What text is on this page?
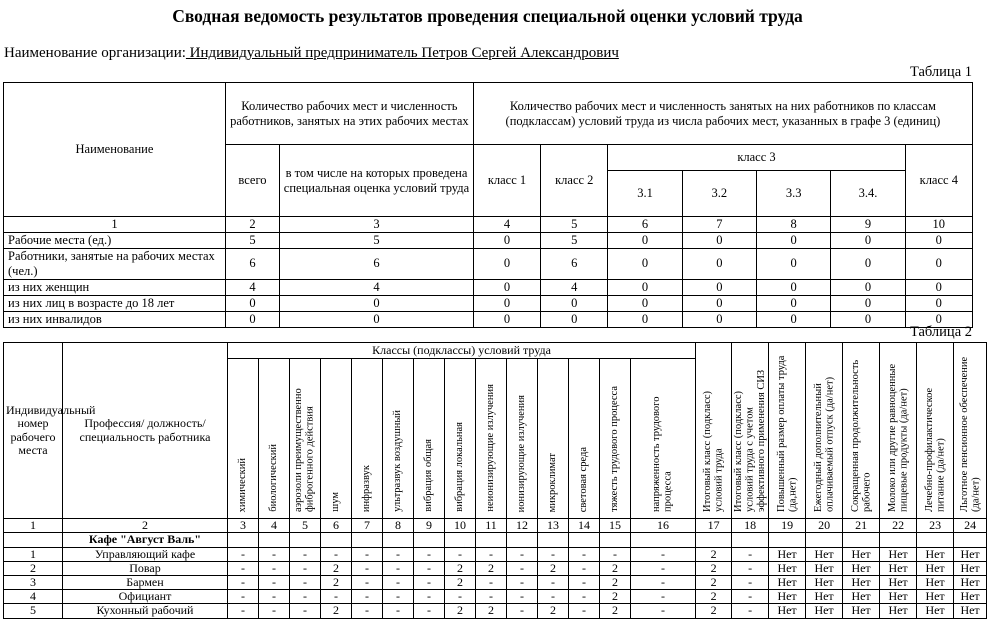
Сводная ведомость результатов проведения специальной оценки условий труда
Наименование организации: Индивидуальный предприниматель Петров Сергей Александрович
Таблица 1
Наименование	Количество рабочих мест и численность работников, занятых на этих рабочих местах		Количество рабочих мест и численность занятых на них работников по классам (подклассам) условий труда из числа рабочих мест, указанных в графе 3 (единиц)						
	всего	в том числе на которых проведена специальная оценка условий труда	класс 1	класс 2	класс 3				класс 4
					3.1	3.2	3.3	3.4.	
1	2	3	4	5	6	7	8	9	10
Рабочие места (ед.)	5	5	0	5	0	0	0	0	0
Работники, занятые на рабочих местах (чел.)	6	6	0	6	0	0	0	0	0
из них женщин	4	4	0	4	0	0	0	0	0
из них лиц в возрасте до 18 лет	0	0	0	0	0	0	0	0	0
из них инвалидов	0	0	0	0	0	0	0	0	0
Таблица 2
Индивидуальный номер рабочего места	Профессия/ должность/ специальность работника	Классы (подклассы) условий труда														Итоговый класс (подкласс) условий труда	Итоговый класс (подкласс) условий труда с учетом эффективного применения СИЗ	Повышенный размер оплаты труда (да,нет)	Ежегодный дополнительный оплачиваемый отпуск (да/нет)	Сокращенная продолжительность рабочего	Молоко или другие равноценные пищевые продукты (да/нет)	Лечебно-профилактическое питание (да/нет)	Льготное пенсионное обеспечение (да/нет)
		химический	биологический	аэрозоли преимущественно фиброгенного действия	шум	инфразвук	ультразвук воздушный	вибрация общая	вибрация локальная	неионизирующие излучения	ионизирующие излучения	микроклимат	световая среда	тяжесть трудового процесса	напряженность трудового процесса								
1	2	3	4	5	6	7	8	9	10	11	12	13	14	15	16	17	18	19	20	21	22	23	24
	Кафе "Август Валь"																						
1	Управляющий кафе	-	-	-	-	-	-	-	-	-	-	-	-	-	-	2	-	Нет	Нет	Нет	Нет	Нет	Нет
2	Повар	-	-	-	2	-	-	-	2	2	-	2	-	2	-	2	-	Нет	Нет	Нет	Нет	Нет	Нет
3	Бармен	-	-	-	2	-	-	-	2	-	-	-	-	2	-	2	-	Нет	Нет	Нет	Нет	Нет	Нет
4	Официант	-	-	-	-	-	-	-	-	-	-	-	-	2	-	2	-	Нет	Нет	Нет	Нет	Нет	Нет
5	Кухонный рабочий	-	-	-	2	-	-	-	2	2	-	2	-	2	-	2	-	Нет	Нет	Нет	Нет	Нет	Нет
